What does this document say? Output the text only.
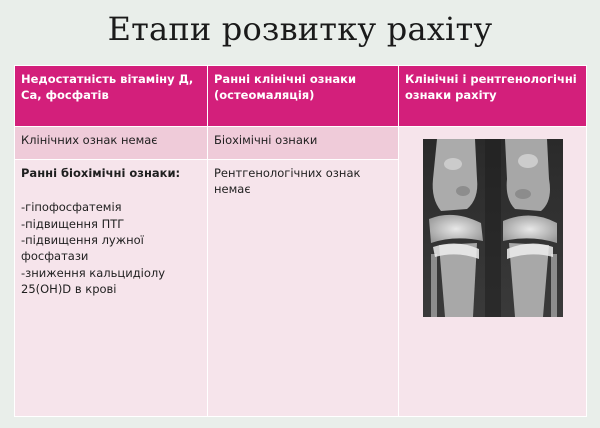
Етапи розвитку рахіту
Недостатність вітаміну Д, Са, фосфатів	Ранні клінічні ознаки (остеомаляція)	Клінічні і рентгенологічні ознаки рахіту
Клінічних ознак немає	Біохімічні ознаки	

Ранні біохімічні ознаки:
-гіпофосфатемія
-підвищення ПТГ
-підвищення лужної фосфатази
-зниження кальцидіолу 25(ОН)D в крові	Рентгенологічних ознак немає	
